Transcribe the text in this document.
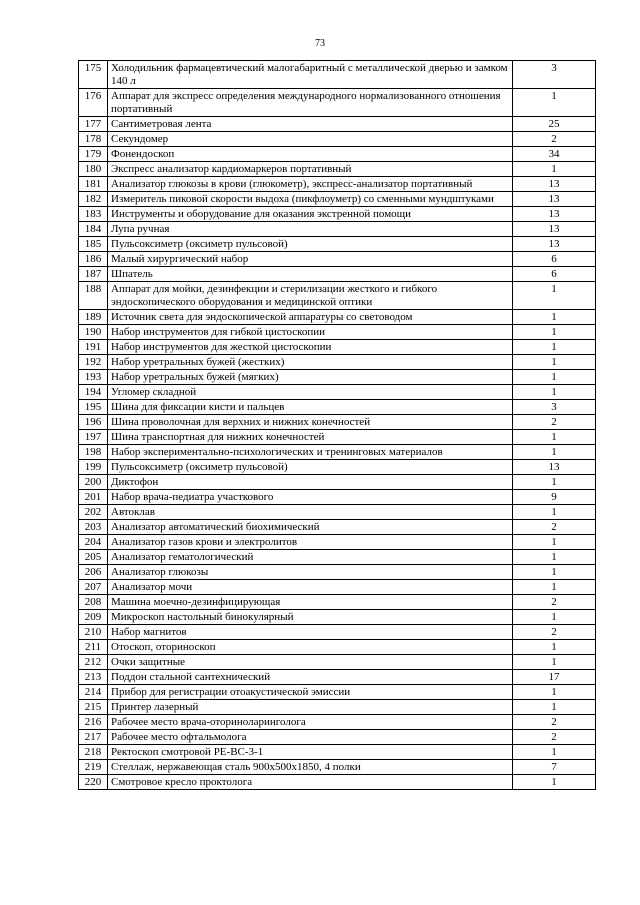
73
175	Холодильник фармацевтический малогабаритный с металлической дверью и замком 140 л	3
176	Аппарат для экспресс определения международного нормализованного отношения портативный	1
177	Сантиметровая лента	25
178	Секундомер	2
179	Фонендоскоп	34
180	Экспресс анализатор кардиомаркеров портативный	1
181	Анализатор глюкозы в крови (глюкометр), экспресс-анализатор портативный	13
182	Измеритель пиковой скорости выдоха (пикфлоуметр) со сменными мундштуками	13
183	Инструменты и оборудование для оказания экстренной помощи	13
184	Лупа ручная	13
185	Пульсоксиметр (оксиметр пульсовой)	13
186	Малый хирургический набор	6
187	Шпатель	6
188	Аппарат для мойки, дезинфекции и стерилизации жесткого и гибкого эндоскопического оборудования и медицинской оптики	1
189	Источник света для эндоскопической аппаратуры со световодом	1
190	Набор инструментов для гибкой цистоскопии	1
191	Набор инструментов для жесткой цистоскопии	1
192	Набор уретральных бужей (жестких)	1
193	Набор уретральных бужей (мягких)	1
194	Угломер складной	1
195	Шина для фиксации кисти и пальцев	3
196	Шина проволочная для верхних и нижних конечностей	2
197	Шина транспортная для нижних конечностей	1
198	Набор экспериментально-психологических и тренинговых материалов	1
199	Пульсоксиметр (оксиметр пульсовой)	13
200	Диктофон	1
201	Набор врача-педиатра участкового	9
202	Автоклав	1
203	Анализатор автоматический биохимический	2
204	Анализатор газов крови и электролитов	1
205	Анализатор гематологический	1
206	Анализатор глюкозы	1
207	Анализатор мочи	1
208	Машина моечно-дезинфицирующая	2
209	Микроскоп настольный бинокулярный	1
210	Набор магнитов	2
211	Отоскоп, оториноскоп	1
212	Очки защитные	1
213	Поддон стальной сантехнический	17
214	Прибор для регистрации отоакустической эмиссии	1
215	Принтер лазерный	1
216	Рабочее место врача-оториноларинголога	2
217	Рабочее место офтальмолога	2
218	Ректоскоп смотровой РЕ-ВС-3-1	1
219	Стеллаж, нержавеющая сталь 900х500х1850, 4 полки	7
220	Смотровое кресло проктолога	1
